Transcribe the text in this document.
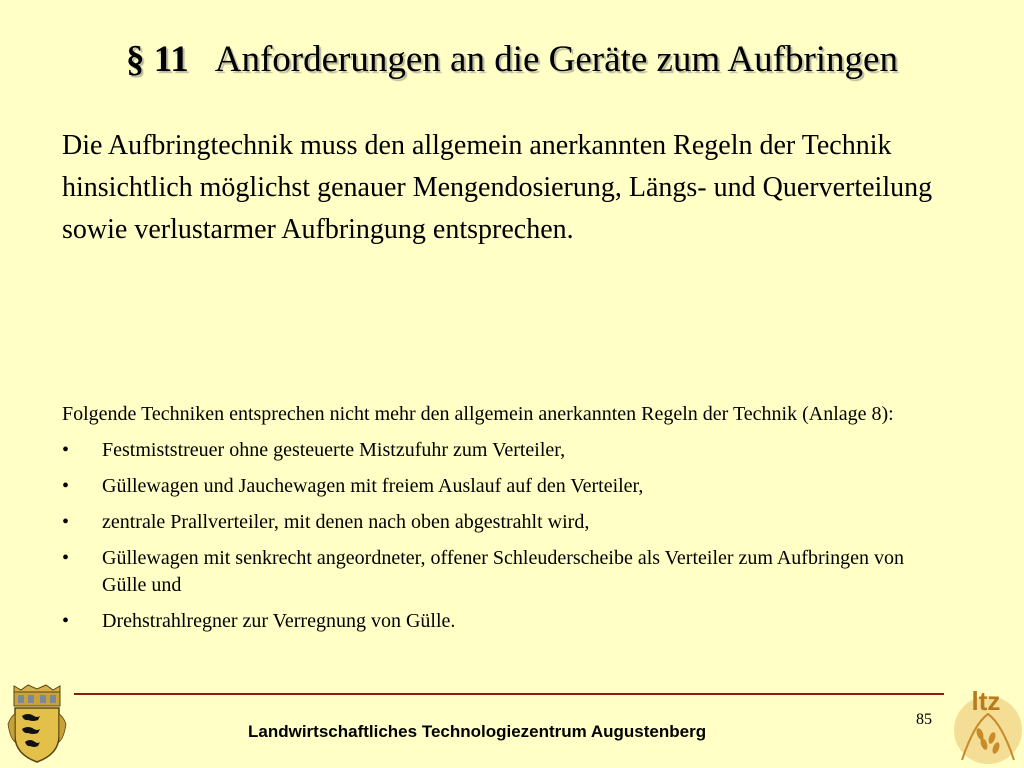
§ 11 Anforderungen an die Geräte zum Aufbringen

Die Aufbringtechnik muss den allgemein anerkannten Regeln der Technik hinsichtlich möglichst genauer Mengendosierung, Längs- und Querverteilung sowie verlustarmer Aufbringung entsprechen.

Folgende Techniken entsprechen nicht mehr den allgemein anerkannten Regeln der Technik (Anlage 8):

• Festmiststreuer ohne gesteuerte Mistzufuhr zum Verteiler,
• Güllewagen und Jauchewagen mit freiem Auslauf auf den Verteiler,
• zentrale Prallverteiler, mit denen nach oben abgestrahlt wird,
• Güllewagen mit senkrecht angeordneter, offener Schleuderscheibe als Verteiler zum Aufbringen von Gülle und
• Drehstrahlregner zur Verregnung von Gülle.
85
Landwirtschaftliches Technologiezentrum Augustenberg
ltz
